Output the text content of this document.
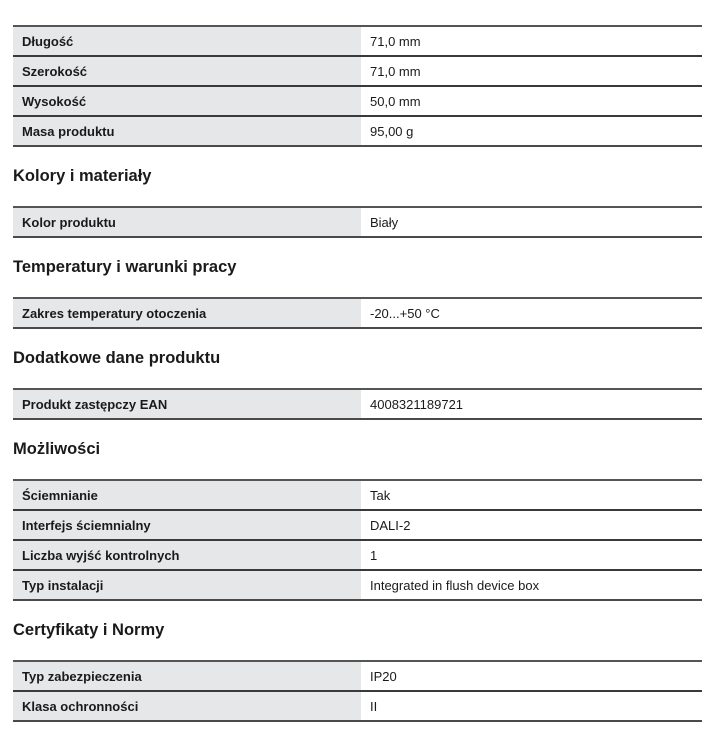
Długość	71,0 mm
Szerokość	71,0 mm
Wysokość	50,0 mm
Masa produktu	95,00 g
Kolory i materiały
Kolor produktu	Biały
Temperatury i warunki pracy
Zakres temperatury otoczenia	-20...+50 °C
Dodatkowe dane produktu
Produkt zastępczy EAN	4008321189721
Możliwości
Ściemnianie	Tak
Interfejs ściemnialny	DALI-2
Liczba wyjść kontrolnych	1
Typ instalacji	Integrated in flush device box
Certyfikaty i Normy
Typ zabezpieczenia	IP20
Klasa ochronności	II
